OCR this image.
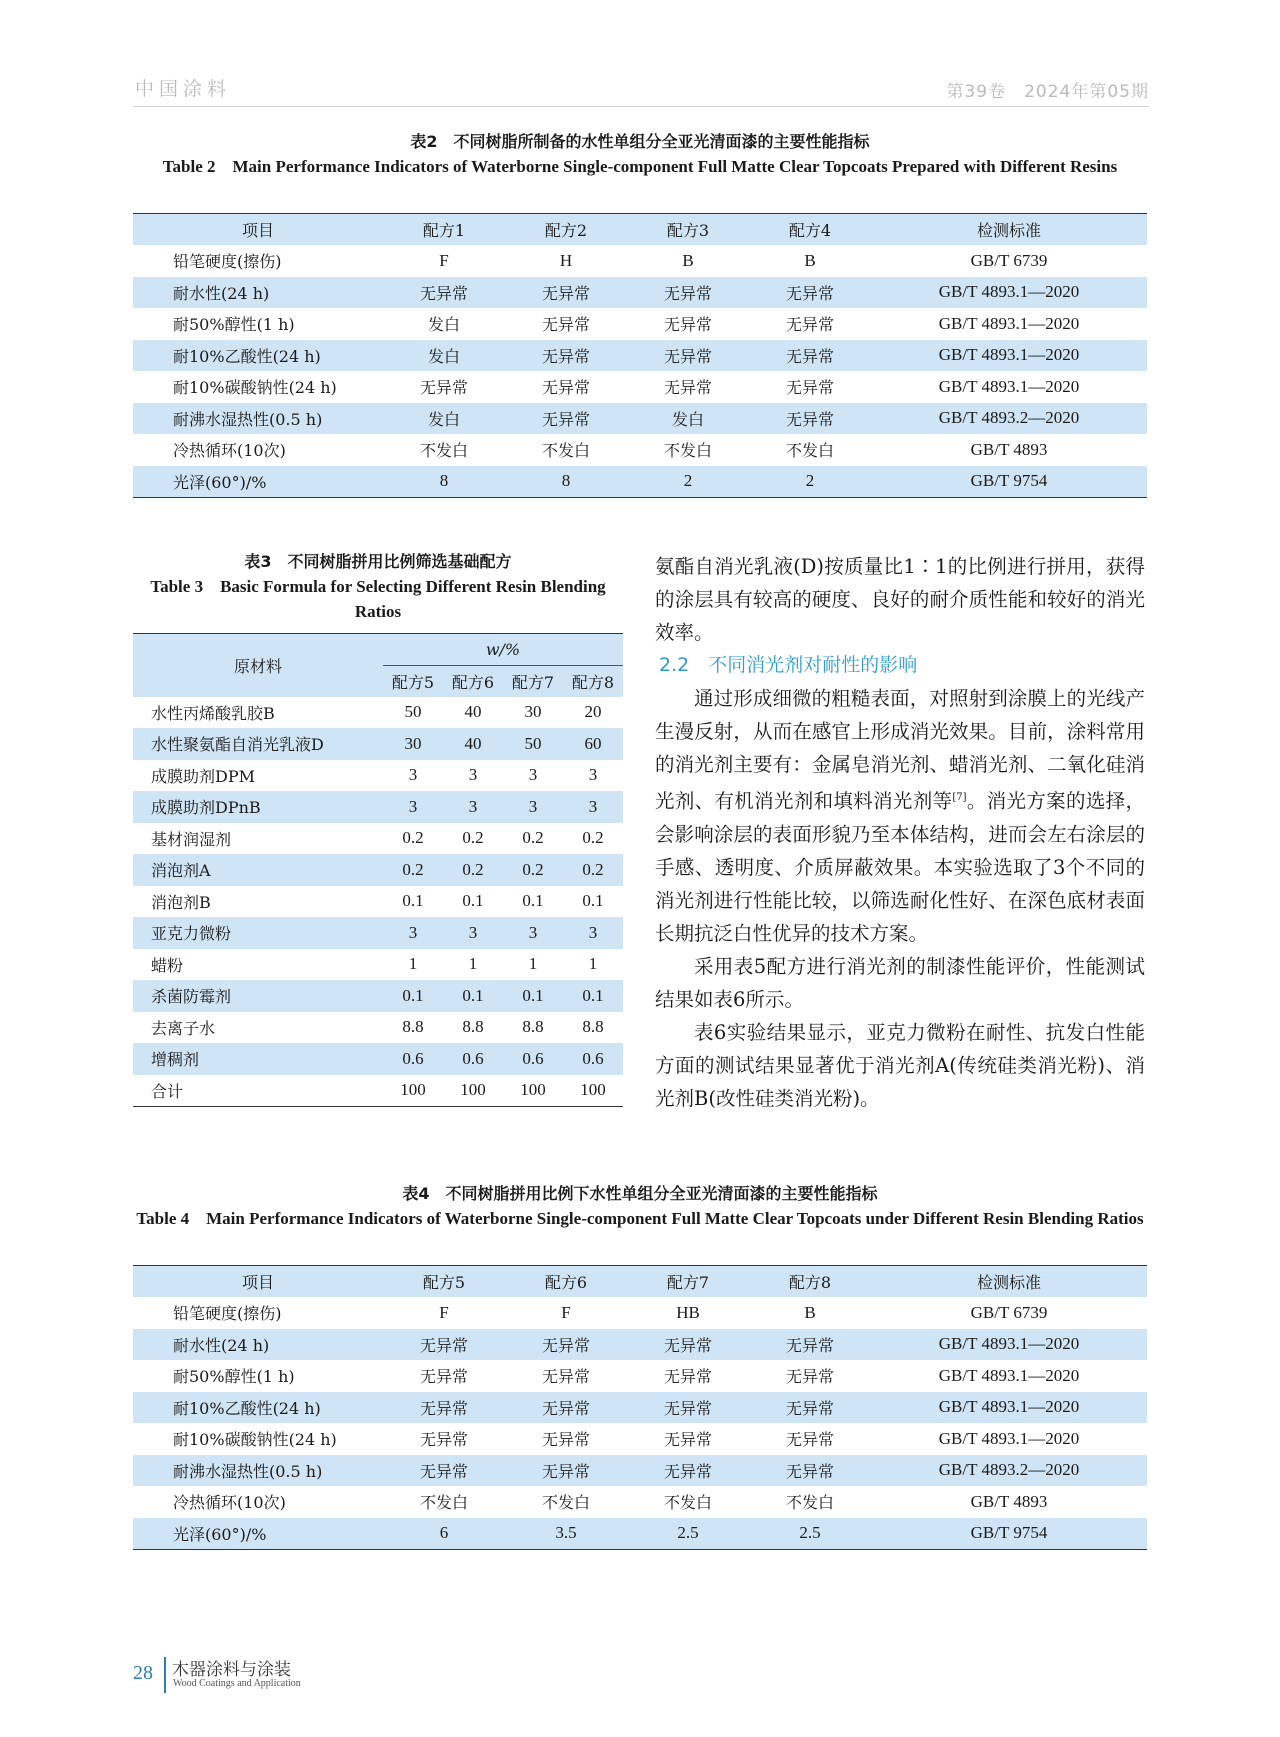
中国涂料	第39卷　2024年第05期
表2　不同树脂所制备的水性单组分全亚光清面漆的主要性能指标
Table 2　Main Performance Indicators of Waterborne Single-component Full Matte Clear Topcoats Prepared with Different Resins
项目	配方1	配方2	配方3	配方4	检测标准
铅笔硬度(擦伤)	F	H	B	B	GB/T 6739
耐水性(24 h)	无异常	无异常	无异常	无异常	GB/T 4893.1—2020
耐50%醇性(1 h)	发白	无异常	无异常	无异常	GB/T 4893.1—2020
耐10%乙酸性(24 h)	发白	无异常	无异常	无异常	GB/T 4893.1—2020
耐10%碳酸钠性(24 h)	无异常	无异常	无异常	无异常	GB/T 4893.1—2020
耐沸水湿热性(0.5 h)	发白	无异常	发白	无异常	GB/T 4893.2—2020
冷热循环(10次)	不发白	不发白	不发白	不发白	GB/T 4893
光泽(60°)/%	8	8	2	2	GB/T 9754
表3　不同树脂拼用比例筛选基础配方
Table 3　Basic Formula for Selecting Different Resin Blending Ratios
原材料	w/%			
	配方5	配方6	配方7	配方8
水性丙烯酸乳胶B	50	40	30	20
水性聚氨酯自消光乳液D	30	40	50	60
成膜助剂DPM	3	3	3	3
成膜助剂DPnB	3	3	3	3
基材润湿剂	0.2	0.2	0.2	0.2
消泡剂A	0.2	0.2	0.2	0.2
消泡剂B	0.1	0.1	0.1	0.1
亚克力微粉	3	3	3	3
蜡粉	1	1	1	1
杀菌防霉剂	0.1	0.1	0.1	0.1
去离子水	8.8	8.8	8.8	8.8
增稠剂	0.6	0.6	0.6	0.6
合计	100	100	100	100

氨酯自消光乳液(D)按质量比1∶1的比例进行拼用，获得的涂层具有较高的硬度、良好的耐介质性能和较好的消光效率。

2.2　不同消光剂对耐性的影响

通过形成细微的粗糙表面，对照射到涂膜上的光线产生漫反射，从而在感官上形成消光效果。目前，涂料常用的消光剂主要有：金属皂消光剂、蜡消光剂、二氧化硅消光剂、有机消光剂和填料消光剂等[7]。消光方案的选择，会影响涂层的表面形貌乃至本体结构，进而会左右涂层的手感、透明度、介质屏蔽效果。本实验选取了3个不同的消光剂进行性能比较，以筛选耐化性好、在深色底材表面长期抗泛白性优异的技术方案。

采用表5配方进行消光剂的制漆性能评价，性能测试结果如表6所示。

表6实验结果显示，亚克力微粉在耐性、抗发白性能方面的测试结果显著优于消光剂A(传统硅类消光粉)、消光剂B(改性硅类消光粉)。

表4　不同树脂拼用比例下水性单组分全亚光清面漆的主要性能指标
Table 4　Main Performance Indicators of Waterborne Single-component Full Matte Clear Topcoats under Different Resin Blending Ratios
项目	配方5	配方6	配方7	配方8	检测标准
铅笔硬度(擦伤)	F	F	HB	B	GB/T 6739
耐水性(24 h)	无异常	无异常	无异常	无异常	GB/T 4893.1—2020
耐50%醇性(1 h)	无异常	无异常	无异常	无异常	GB/T 4893.1—2020
耐10%乙酸性(24 h)	无异常	无异常	无异常	无异常	GB/T 4893.1—2020
耐10%碳酸钠性(24 h)	无异常	无异常	无异常	无异常	GB/T 4893.1—2020
耐沸水湿热性(0.5 h)	无异常	无异常	无异常	无异常	GB/T 4893.2—2020
冷热循环(10次)	不发白	不发白	不发白	不发白	GB/T 4893
光泽(60°)/%	6	3.5	2.5	2.5	GB/T 9754
28 木器涂料与涂装
Wood Coatings and Application
